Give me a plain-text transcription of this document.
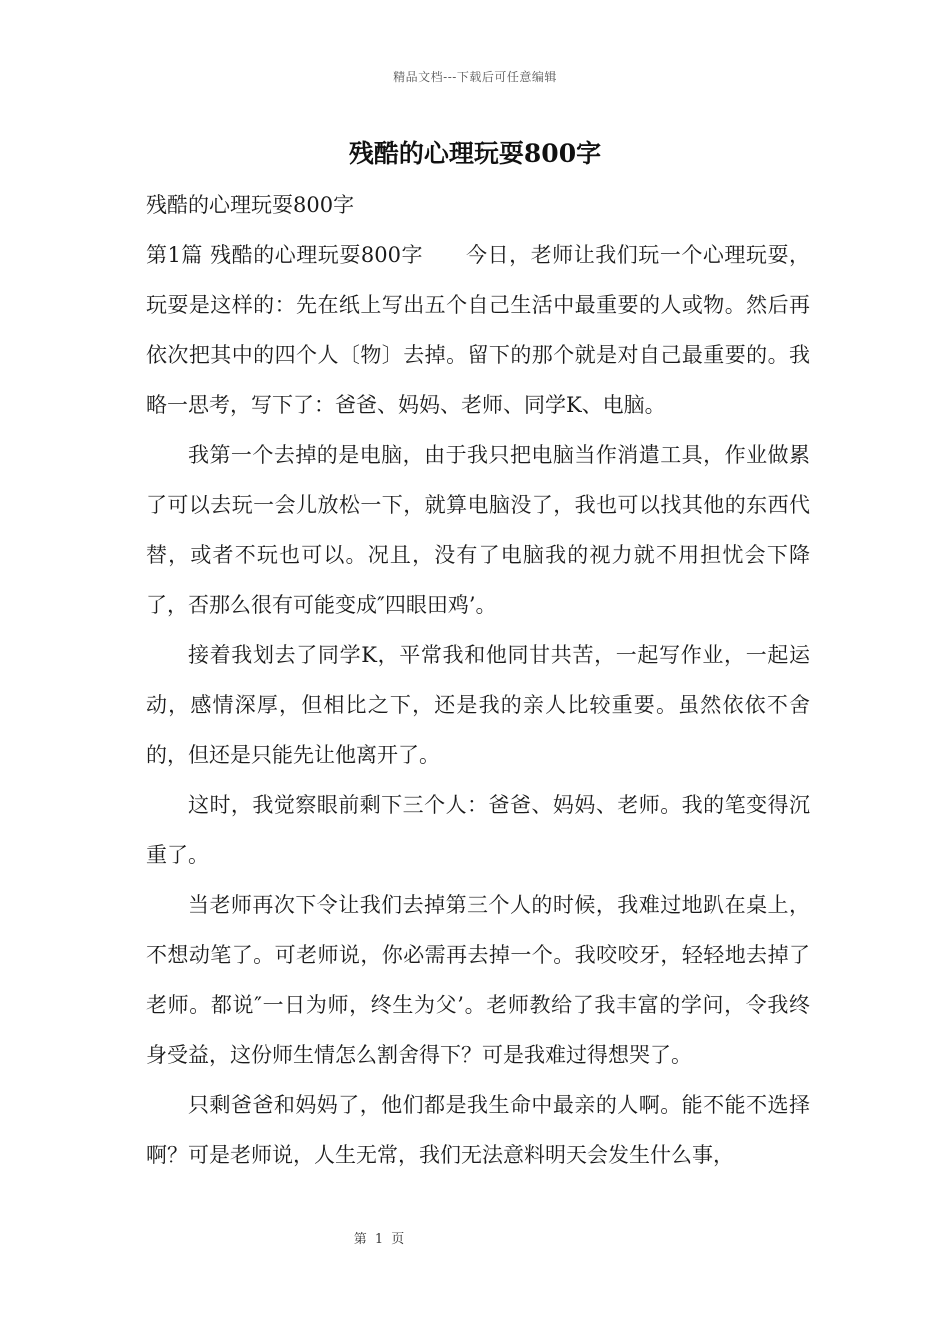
精品文档---下载后可任意编辑
残酷的心理玩耍800字

残酷的心理玩耍800字

第1篇 残酷的心理玩耍800字　　今日，老师让我们玩一个心理玩耍，玩耍是这样的：先在纸上写出五个自己生活中最重要的人或物。然后再依次把其中的四个人〔物〕去掉。留下的那个就是对自己最重要的。我略一思考，写下了：爸爸、妈妈、老师、同学K、电脑。

我第一个去掉的是电脑，由于我只把电脑当作消遣工具，作业做累了可以去玩一会儿放松一下，就算电脑没了，我也可以找其他的东西代替，或者不玩也可以。况且，没有了电脑我的视力就不用担忧会下降了，否那么很有可能变成″四眼田鸡’。

接着我划去了同学K，平常我和他同甘共苦，一起写作业，一起运动，感情深厚，但相比之下，还是我的亲人比较重要。虽然依依不舍的，但还是只能先让他离开了。

这时，我觉察眼前剩下三个人：爸爸、妈妈、老师。我的笔变得沉重了。

当老师再次下令让我们去掉第三个人的时候，我难过地趴在桌上，不想动笔了。可老师说，你必需再去掉一个。我咬咬牙，轻轻地去掉了老师。都说″一日为师，终生为父’。老师教给了我丰富的学问，令我终身受益，这份师生情怎么割舍得下？可是我难过得想哭了。

只剩爸爸和妈妈了，他们都是我生命中最亲的人啊。能不能不选择啊？可是老师说，人生无常，我们无法意料明天会发生什么事，

第 1 页
